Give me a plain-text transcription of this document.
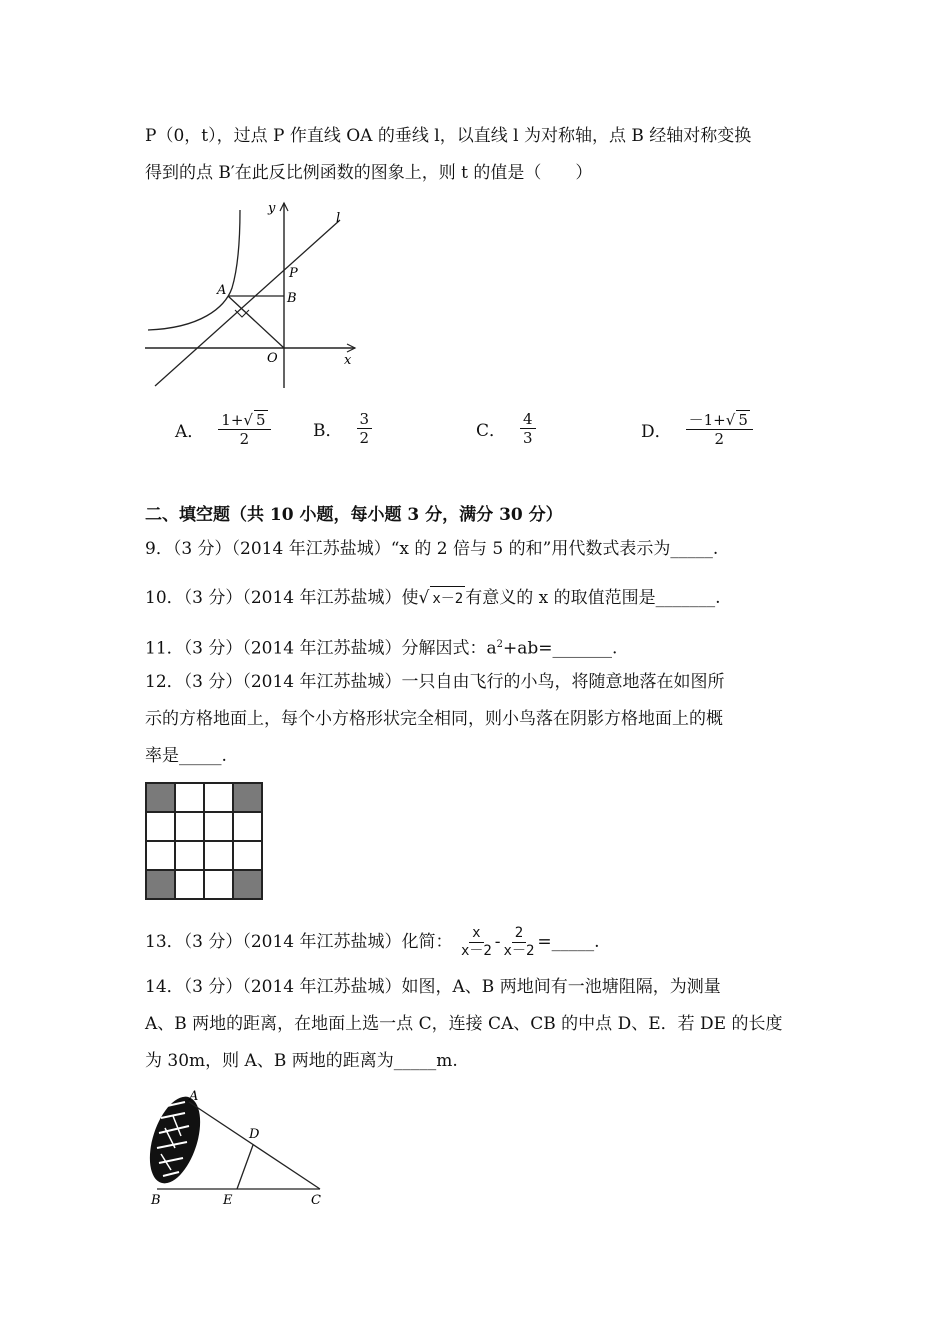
P（0，t），过点 P 作直线 OA 的垂线 l，以直线 l 为对称轴，点 B 经轴对称变换
得到的点 B′在此反比例函数的图象上，则 t 的值是（　　）
y
l
P
A
B
O	x
A． $\frac{1+√ 5}{2}$ B． $\frac{3}{2}$	C． $\frac{4}{3}$	D． $\frac{-1+√ 5}{2}$
二、填空题（共 10 小题，每小题 3 分，满分 30 分）
9．（3 分）（2014 年江苏盐城）“x 的 2 倍与 5 的和”用代数式表示为_____.
10．（3 分）（2014 年江苏盐城）使√ x－2 有意义的 x 的取值范围是_______.
11．（3 分）（2014 年江苏盐城）分解因式：$a^2+ab=\_\_\_\_\_\_\_$.
12．（3 分）（2014 年江苏盐城）一只自由飞行的小鸟，将随意地落在如图所
示的方格地面上，每个小方格形状完全相同，则小鸟落在阴影方格地面上的概
率是_____.
13．（3 分）（2014 年江苏盐城）化简： $\frac{x}{x-2} - \frac{2}{x-2}$ =_____.
14．（3 分）（2014 年江苏盐城）如图，A、B 两地间有一池塘阻隔，为测量
A、B 两地的距离，在地面上选一点 C，连接 CA、CB 的中点 D、E．若 DE 的长度
为 30m，则 A、B 两地的距离为_____m.
A
D
B	E	C
